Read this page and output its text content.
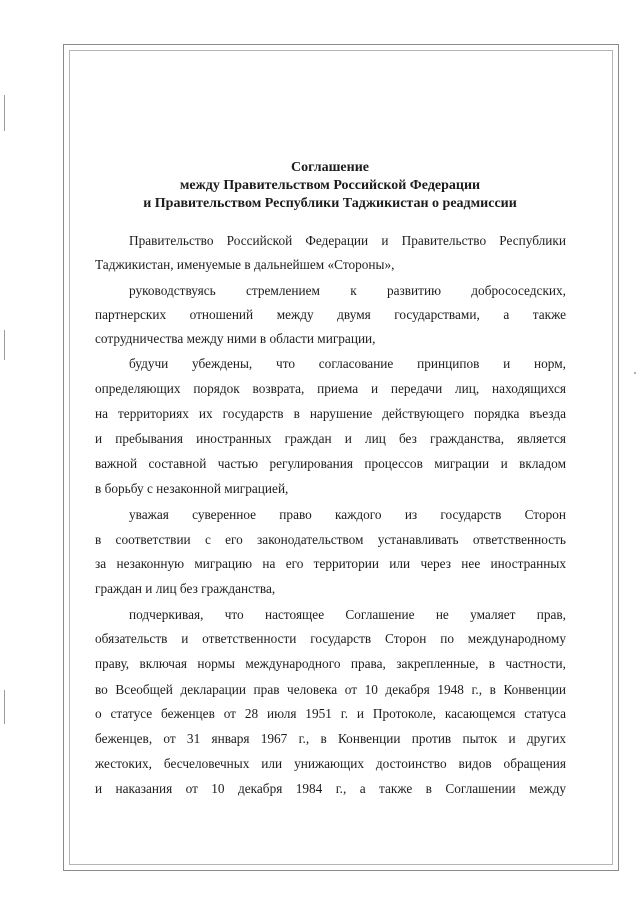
Соглашение
между Правительством Российской Федерации
и Правительством Республики Таджикистан о реадмиссии
Правительство Российской Федерации и Правительство Республики
Таджикистан, именуемые в дальнейшем «Стороны»,
руководствуясь стремлением к развитию добрососедских,
партнерских отношений между двумя государствами, а также
сотрудничества между ними в области миграции,
будучи убеждены, что согласование принципов и норм,
определяющих порядок возврата, приема и передачи лиц, находящихся
на территориях их государств в нарушение действующего порядка въезда
и пребывания иностранных граждан и лиц без гражданства, является
важной составной частью регулирования процессов миграции и вкладом
в борьбу с незаконной миграцией,
уважая суверенное право каждого из государств Сторон
в соответствии с его законодательством устанавливать ответственность
за незаконную миграцию на его территории или через нее иностранных
граждан и лиц без гражданства,
подчеркивая, что настоящее Соглашение не умаляет прав,
обязательств и ответственности государств Сторон по международному
праву, включая нормы международного права, закрепленные, в частности,
во Всеобщей декларации прав человека от 10 декабря 1948 г., в Конвенции
о статусе беженцев от 28 июля 1951 г. и Протоколе, касающемся статуса
беженцев, от 31 января 1967 г., в Конвенции против пыток и других
жестоких, бесчеловечных или унижающих достоинство видов обращения
и наказания от 10 декабря 1984 г., а также в Соглашении между
